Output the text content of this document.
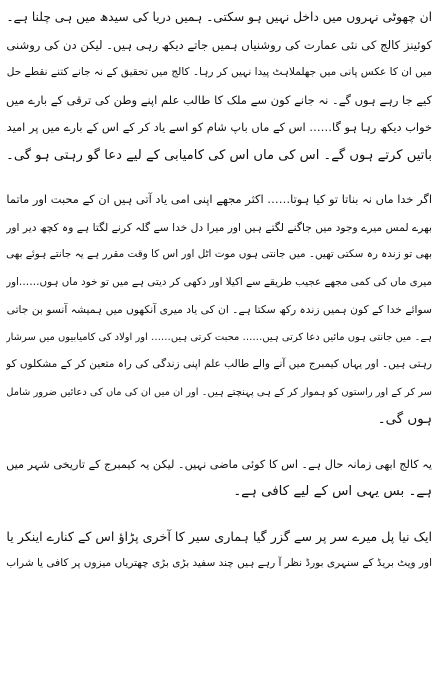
ان چھوٹی نہروں میں داخل نہیں ہو سکتی۔ ہمیں دریا کی سیدھ میں ہی چلنا ہے۔
کوئینز کالج کی نئی عمارت کی روشنیاں ہمیں جاتے دیکھ رہی ہیں۔ لیکن دن کی روشنی
میں ان کا عکس پانی میں جھلملاہٹ پیدا نہیں کر رہا۔ کالج میں تحقیق کے نہ جانے کتنے نقطے حل
کیے جا رہے ہوں گے۔ نہ جانے کون سے ملک کا طالب علم اپنے وطن کی ترقی کے بارے میں
خواب دیکھ رہا ہو گا…… اس کے ماں باپ شام کو اسے یاد کر کے اس کے بارے میں پر امید
باتیں کرتے ہوں گے۔ اس کی ماں اس کی کامیابی کے لیے دعا گو رہتی ہو گی۔
اگر خدا ماں نہ بناتا تو کیا ہوتا…… اکثر مجھے اپنی امی یاد آتی ہیں ان کے محبت اور ماتما
بھرے لمس میرے وجود میں جاگنے لگتے ہیں اور میرا دل خدا سے گلہ کرنے لگتا ہے وہ کچھ دیر اور
بھی تو زندہ رہ سکتی تھیں۔ میں جانتی ہوں موت اٹل اور اس کا وقت مقرر ہے یہ جانتے ہوئے بھی
میری ماں کی کمی مجھے عجیب طریقے سے اکیلا اور دکھی کر دیتی ہے میں تو خود ماں ہوں……اور
سوائے خدا کے کون ہمیں زندہ رکھ سکتا ہے۔ ان کی یاد میری آنکھوں میں ہمیشہ آنسو بن جاتی
ہے۔ میں جانتی ہوں مائیں دعا کرتی ہیں…… محبت کرتی ہیں…… اور اولاد کی کامیابیوں میں سرشار
رہتی ہیں۔ اور یہاں کیمبرج میں آنے والے طالب علم اپنی زندگی کی راہ متعین کر کے مشکلوں کو
سر کر کے اور راستوں کو ہموار کر کے ہی پہنچتے ہیں۔ اور ان میں ان کی ماں کی دعائیں ضرور شامل
ہوں گی۔
یہ کالج ابھی زمانہ حال ہے۔ اس کا کوئی ماضی نہیں۔ لیکن یہ کیمبرج کے تاریخی شہر میں
ہے۔ بس یہی اس کے لیے کافی ہے۔
ایک نیا پل میرے سر پر سے گزر گیا ہماری سیر کا آخری پڑاؤ اس کے کنارے اینکر یا
اور ویٹ بریڈ کے سنہری بورڈ نظر آ رہے ہیں چند سفید بڑی بڑی چھتریاں میزوں پر کافی یا شراب
